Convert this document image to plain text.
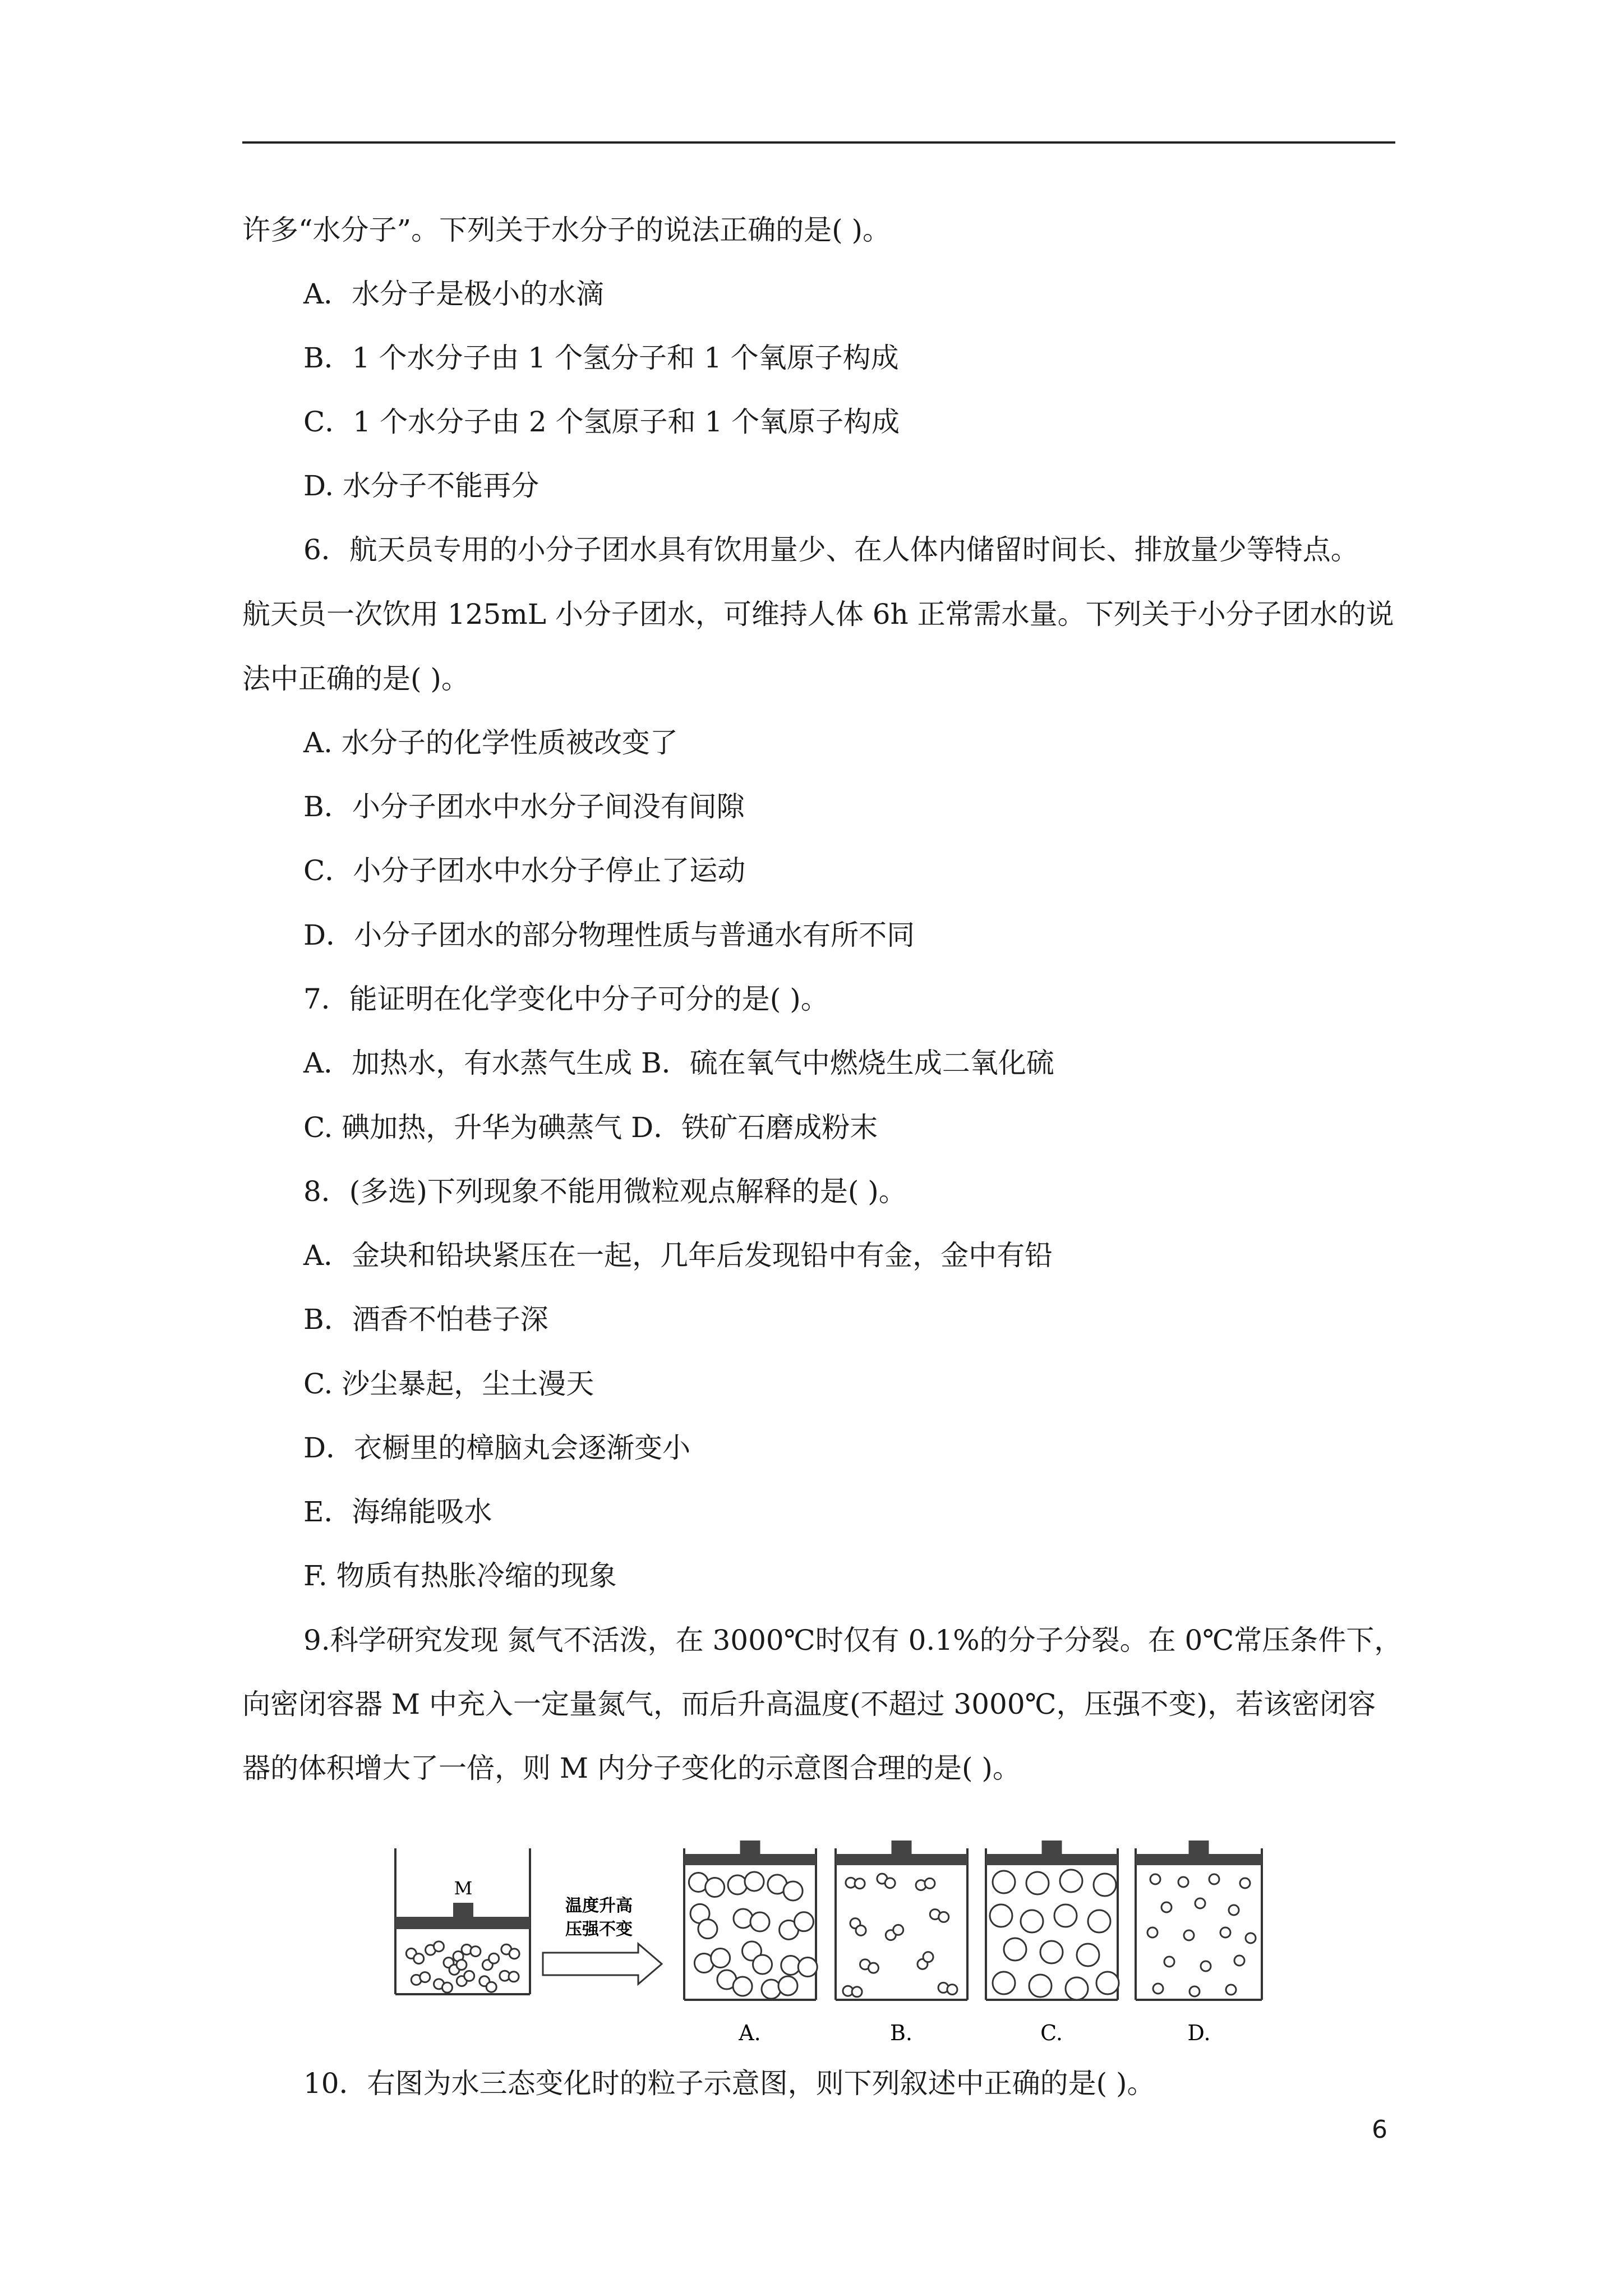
许多“水分子”。下列关于水分子的说法正确的是( )。
A．水分子是极小的水滴
B．1 个水分子由 1 个氢分子和 1 个氧原子构成
C．1 个水分子由 2 个氢原子和 1 个氧原子构成
D. 水分子不能再分
6．航天员专用的小分子团水具有饮用量少、在人体内储留时间长、排放量少等特点。
航天员一次饮用 125mL 小分子团水，可维持人体 6h 正常需水量。下列关于小分子团水的说
法中正确的是( )。
A. 水分子的化学性质被改变了
B．小分子团水中水分子间没有间隙
C．小分子团水中水分子停止了运动
D．小分子团水的部分物理性质与普通水有所不同
7．能证明在化学变化中分子可分的是( )。
A．加热水，有水蒸气生成 B．硫在氧气中燃烧生成二氧化硫
C. 碘加热，升华为碘蒸气 D．铁矿石磨成粉末
8．(多选)下列现象不能用微粒观点解释的是( )。
A．金块和铅块紧压在一起，几年后发现铅中有金，金中有铅
B．酒香不怕巷子深
C. 沙尘暴起，尘土漫天
D．衣橱里的樟脑丸会逐渐变小
E．海绵能吸水
F. 物质有热胀冷缩的现象
9.科学研究发现 氮气不活泼，在 3000℃时仅有 0.1%的分子分裂。在 0℃常压条件下，
向密闭容器 M 中充入一定量氮气，而后升高温度(不超过 3000℃，压强不变)，若该密闭容
器的体积增大了一倍，则 M 内分子变化的示意图合理的是( )。
M
温度升高
压强不变
A.	B.	C.	D.
10．右图为水三态变化时的粒子示意图，则下列叙述中正确的是( )。
6
